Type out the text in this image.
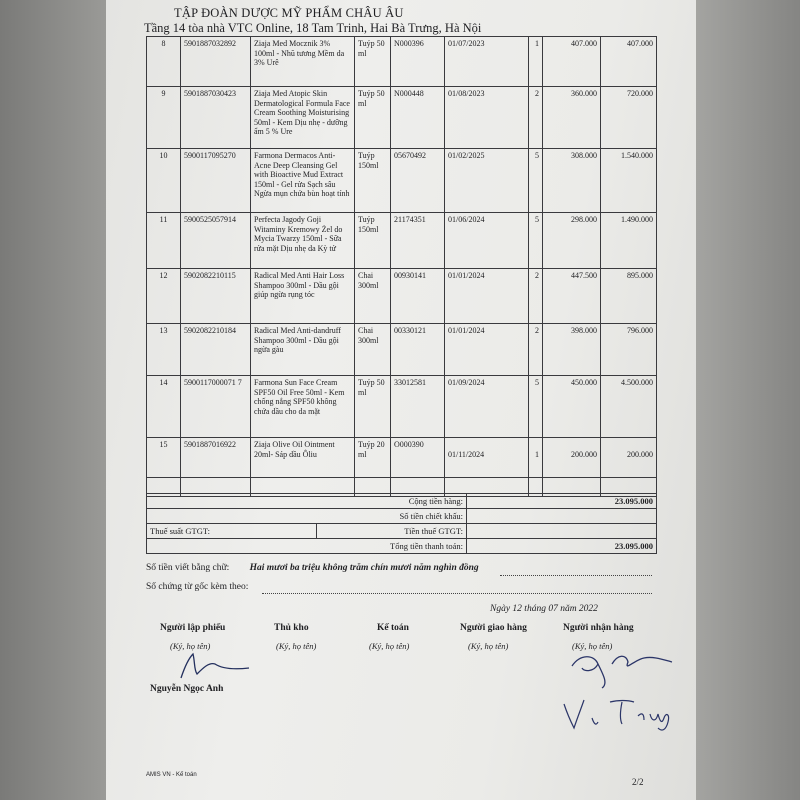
TẬP ĐOÀN DƯỢC MỸ PHẨM CHÂU ÂU
Tầng 14 tòa nhà VTC Online, 18 Tam Trinh, Hai Bà Trưng, Hà Nội
8	5901887032892	Ziaja Med Mocznik 3% 100ml - Nhũ tương Mềm da 3% Urê	Tuýp 50 ml	N000396	01/07/2023	1	407.000	407.000
9	5901887030423	Ziaja Med Atopic Skin Dermatological Formula Face Cream Soothing Moisturising 50ml - Kem Dịu nhẹ - dưỡng ẩm 5 % Ure	Tuýp 50 ml	N000448	01/08/2023	2	360.000	720.000
10	5900117095270	Farmona Dermacos Anti-Acne Deep Cleansing Gel with Bioactive Mud Extract 150ml - Gel rửa Sạch sâu Ngừa mụn chứa bùn hoạt tính	Tuýp 150ml	05670492	01/02/2025	5	308.000	1.540.000
11	5900525057914	Perfecta Jagody Goji Witaminy Kremowy Żel do Mycia Twarzy 150ml - Sữa rửa mặt Dịu nhẹ da Kỳ tử	Tuýp 150ml	21174351	01/06/2024	5	298.000	1.490.000
12	5902082210115	Radical Med Anti Hair Loss Shampoo 300ml - Dầu gội giúp ngừa rụng tóc	Chai 300ml	00930141	01/01/2024	2	447.500	895.000
13	5902082210184	Radical Med Anti-dandruff Shampoo 300ml - Dầu gội ngừa gàu	Chai 300ml	00330121	01/01/2024	2	398.000	796.000
14	5900117000071 7	Farmona Sun Face Cream SPF50 Oil Free 50ml - Kem chống nắng SPF50 không chứa dầu cho da mặt	Tuýp 50 ml	33012581	01/09/2024	5	450.000	4.500.000
15	5901887016922	Ziaja Olive Oil Ointment 20ml- Sáp dầu Ôliu	Tuýp 20 ml	O000390	01/11/2024	1	200.000	200.000

Cộng tiền hàng:		23.095.000
Số tiền chiết khấu:		
Thuế suất GTGT:	Tiền thuế GTGT:	
Tổng tiền thanh toán:		23.095.000
Số tiền viết bằng chữ: Hai mươi ba triệu không trăm chín mươi năm nghìn đồng
Số chứng từ gốc kèm theo:
Ngày 12 tháng 07 năm 2022
Người lập phiếu	Thủ kho	Kế toán	Người giao hàng	Người nhận hàng
(Ký, họ tên)	(Ký, họ tên)	(Ký, họ tên)	(Ký, họ tên)	(Ký, họ tên)
Nguyễn Ngọc Anh
AMIS VN - Kế toán
2/2
